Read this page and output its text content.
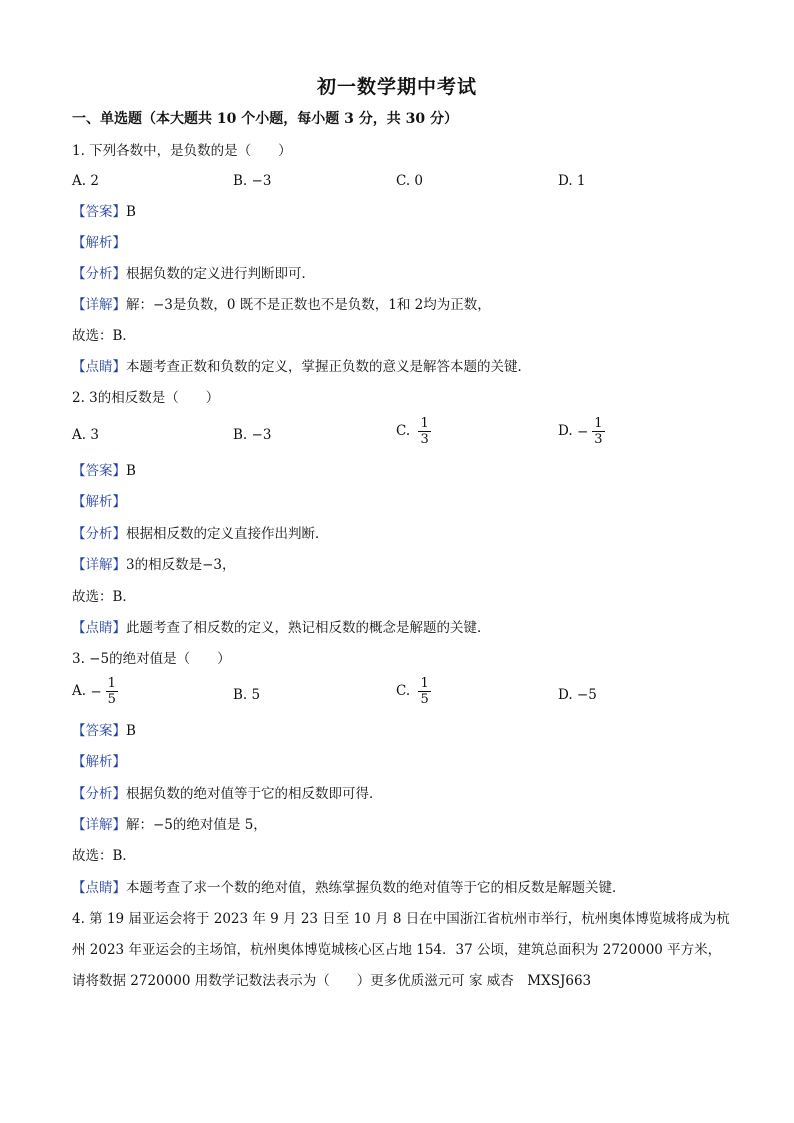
初一数学期中考试
一、单选题（本大题共 10 个小题，每小题 3 分，共 30 分）
1. 下列各数中，是负数的是（　　）
A. 2	B. −3	C. 0	D. 1
【答案】B
【解析】
【分析】根据负数的定义进行判断即可．
【详解】解：−3是负数，0 既不是正数也不是负数，1和 2均为正数，
故选：B．
【点睛】本题考查正数和负数的定义，掌握正负数的意义是解答本题的关键．
2. 3的相反数是（　　）
A. 3	B. −3	C. $\frac{1}{3}$	D. − $\frac{1}{3}$
【答案】B
【解析】
【分析】根据相反数的定义直接作出判断．
【详解】3的相反数是−3，
故选：B．
【点睛】此题考查了相反数的定义，熟记相反数的概念是解题的关键．
3. −5的绝对值是（　　）
A. − $\frac{1}{5}$	B. 5	C. $\frac{1}{5}$	D. −5
【答案】B
【解析】
【分析】根据负数的绝对值等于它的相反数即可得．
【详解】解：−5的绝对值是 5，
故选：B．
【点睛】本题考查了求一个数的绝对值，熟练掌握负数的绝对值等于它的相反数是解题关键．
4. 第 19 届亚运会将于 2023 年 9 月 23 日至 10 月 8 日在中国浙江省杭州市举行，杭州奥体博览城将成为杭
州 2023 年亚运会的主场馆，杭州奥体博览城核心区占地 154．37 公顷，建筑总面积为 2720000 平方米，
请将数据 2720000 用数学记数法表示为（　　）更多优质滋元可 家 威杏　MXSJ663
